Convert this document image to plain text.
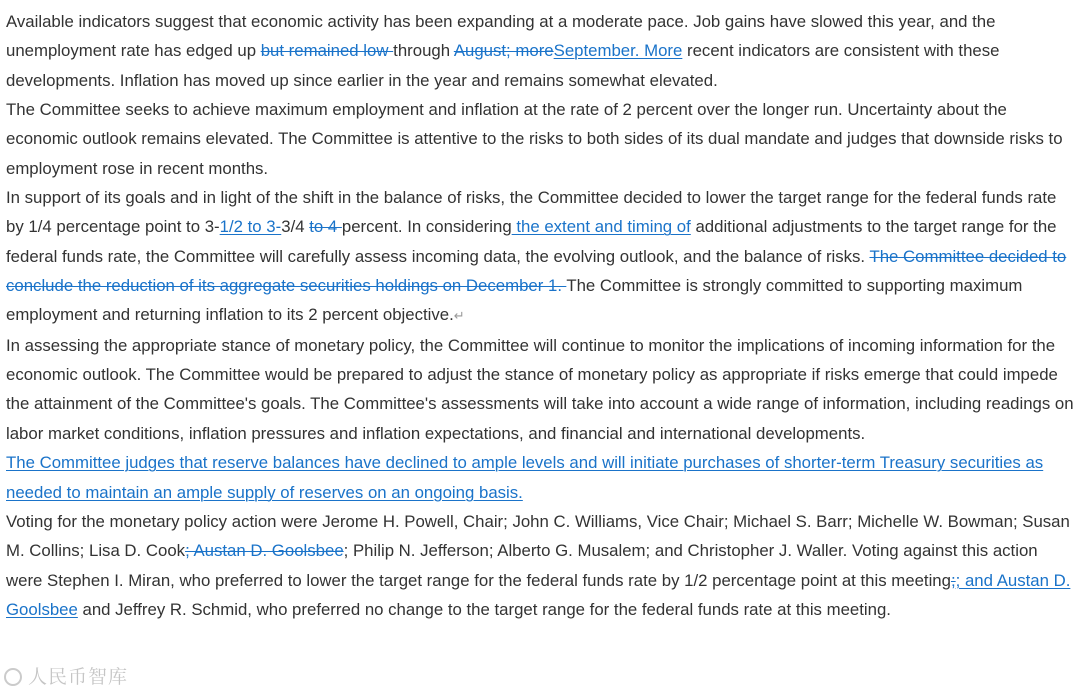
Available indicators suggest that economic activity has been expanding at a moderate pace. Job gains have slowed this year, and the unemployment rate has edged up but remained low through August; moreSeptember. More recent indicators are consistent with these developments. Inflation has moved up since earlier in the year and remains somewhat elevated.

The Committee seeks to achieve maximum employment and inflation at the rate of 2 percent over the longer run. Uncertainty about the economic outlook remains elevated. The Committee is attentive to the risks to both sides of its dual mandate and judges that downside risks to employment rose in recent months.

In support of its goals and in light of the shift in the balance of risks, the Committee decided to lower the target range for the federal funds rate by 1/4 percentage point to 3-1/2 to 3-3/4 to 4 percent. In considering the extent and timing of additional adjustments to the target range for the federal funds rate, the Committee will carefully assess incoming data, the evolving outlook, and the balance of risks. The Committee decided to conclude the reduction of its aggregate securities holdings on December 1. The Committee is strongly committed to supporting maximum employment and returning inflation to its 2 percent objective.↵

In assessing the appropriate stance of monetary policy, the Committee will continue to monitor the implications of incoming information for the economic outlook. The Committee would be prepared to adjust the stance of monetary policy as appropriate if risks emerge that could impede the attainment of the Committee's goals. The Committee's assessments will take into account a wide range of information, including readings on labor market conditions, inflation pressures and inflation expectations, and financial and international developments.

The Committee judges that reserve balances have declined to ample levels and will initiate purchases of shorter-term Treasury securities as needed to maintain an ample supply of reserves on an ongoing basis.

Voting for the monetary policy action were Jerome H. Powell, Chair; John C. Williams, Vice Chair; Michael S. Barr; Michelle W. Bowman; Susan M. Collins; Lisa D. Cook; Austan D. Goolsbee; Philip N. Jefferson; Alberto G. Musalem; and Christopher J. Waller. Voting against this action were Stephen I. Miran, who preferred to lower the target range for the federal funds rate by 1/2 percentage point at this meeting;; and Austan D. Goolsbee and Jeffrey R. Schmid, who preferred no change to the target range for the federal funds rate at this meeting.

人民币智库
